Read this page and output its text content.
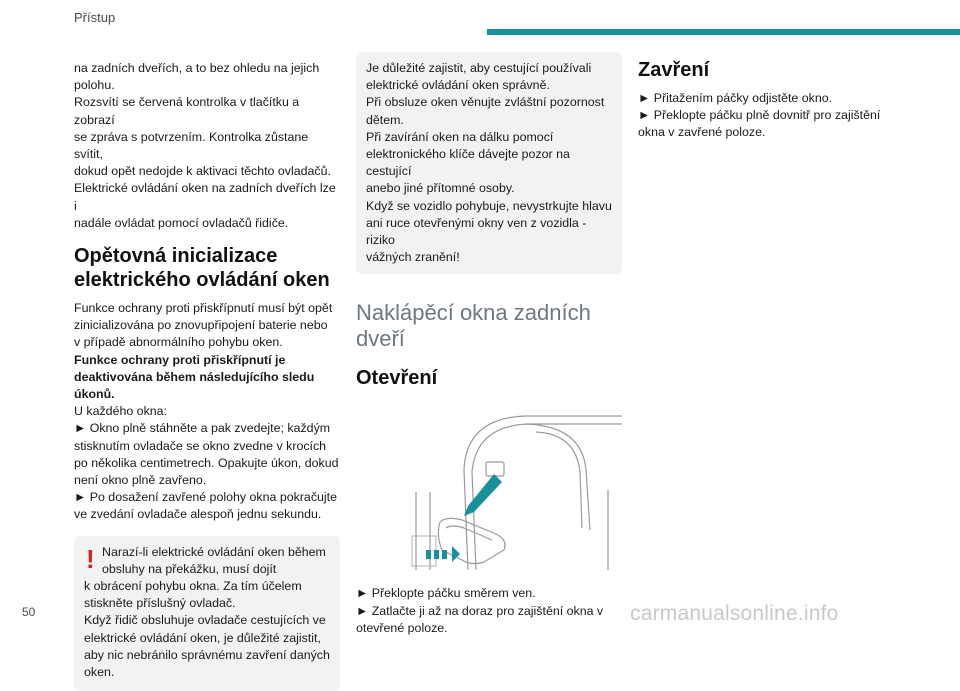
Přístup

na zadních dveřích, a to bez ohledu na jejich
polohu.
Rozsvítí se červená kontrolka v tlačítku a zobrazí
se zpráva s potvrzením. Kontrolka zůstane svítit,
dokud opět nedojde k aktivaci těchto ovladačů.
Elektrické ovládání oken na zadních dveřích lze i
nadále ovládat pomocí ovladačů řidiče.

Opětovná inicializace
elektrického ovládání oken

Funkce ochrany proti přiskřípnutí musí být opět
zinicializována po znovupřipojení baterie nebo
v případě abnormálního pohybu oken.
Funkce ochrany proti přiskřípnutí je
deaktivována během následujícího sledu
úkonů.
U každého okna:
► Okno plně stáhněte a pak zvedejte; každým
stisknutím ovladače se okno zvedne v krocích
po několika centimetrech. Opakujte úkon, dokud
není okno plně zavřeno.
► Po dosažení zavřené polohy okna pokračujte
ve zvedání ovladače alespoň jednu sekundu.

! Narazí-li elektrické ovládání oken během
obsluhy na překážku, musí dojít
k obrácení pohybu okna. Za tím účelem
stiskněte příslušný ovladač.
Když řidič obsluhuje ovladače cestujících ve
elektrické ovládání oken, je důležité zajistit,
aby nic nebránilo správnému zavření daných
oken.

Je důležité zajistit, aby cestující používali
elektrické ovládání oken správně.
Při obsluze oken věnujte zvláštní pozornost
dětem.
Při zavírání oken na dálku pomocí
elektronického klíče dávejte pozor na cestující
anebo jiné přítomné osoby.
Když se vozidlo pohybuje, nevystrkujte hlavu
ani ruce otevřenými okny ven z vozidla - riziko
vážných zranění!

Naklápěcí okna zadních
dveří
Otevření

► Překlopte páčku směrem ven.
► Zatlačte ji až na doraz pro zajištění okna v
otevřené poloze.

Zavření

► Přitažením páčky odjistěte okno.
► Překlopte páčku plně dovnitř pro zajištění
okna v zavřené poloze.

50	carmanualsonline.info
